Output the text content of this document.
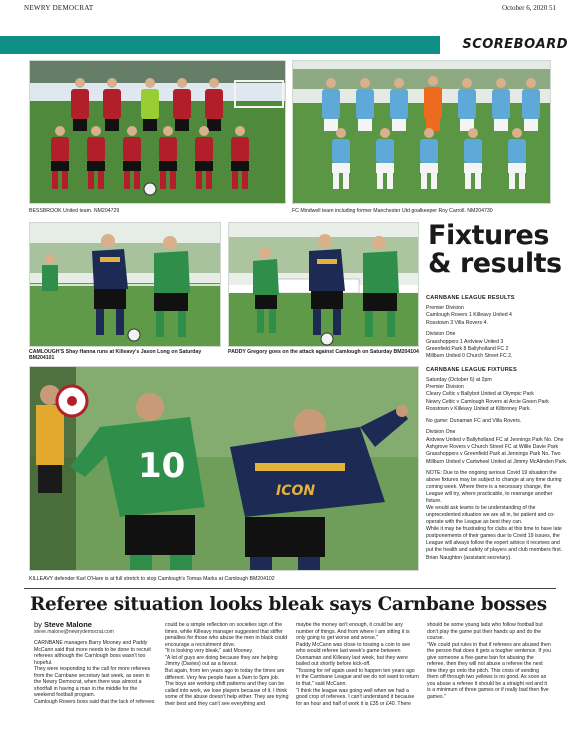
NEWRY DEMOCRAT	October 6, 2020 51
SCOREBOARD
BESSBROOK United team. NM204729	FC Mindwell team including former Manchester Utd goalkeeper Roy Carroll. NM204730
CAMLOUGH'S Shay Hanna runs at Killeavy's Jason Long on Saturday BM204101
PADDY Gregory goes on the attack against Camlough on Saturday BM204104
10
ICON
KILLEAVY defender Karl O'Hare is at full stretch to stop Camlough's Tomas Marks at Camlough BM204102
Fixtures
& results
CARNBANE LEAGUE RESULTS

Premier Division

Camlough Rovers 1 Killeavy United 4

Rosstown 3 Villa Rovers 4.

Division One

Grasshoppers 1 Ardview United 3

Greenfield Park 8 Ballyholland FC 2

Millburn United 0 Church Street FC 2.

CARNBANE LEAGUE FIXTURES

Saturday (October 6) at 2pm

Premier Division

Cleary Celtic v Ballybot United at Olympic Park

Newry Celtic v Camlough Rovers at Arcie Green Park

Rosstown v Killeavy United at Kilbroney Park.

No game: Dunaman FC and Villa Rovers.

Division One

Ardview United v Ballyholland FC at Jennings Park No. One

Ashgrove Rovers v Church Street FC at Willie Davie Park

Grasshoppers v Greenfield Park at Jennings Park No. Two

Millburn United v Cartwheel United at Jimmy McAlinden Park.

NOTE: Due to the ongoing serious Covid 19 situation the above fixtures may be subject to change at any time during coming week. Where there is a necessary change, the League will try, where practicable, to rearrange another fixture.

We would ask teams to be understanding of the unprecedented situation we are all in, be patient and co-operate with the League as best they can.

While it may be frustrating for clubs at this time to have late postponements of their games due to Covid 19 issues, the League will always follow the expert advice it receives and put the health and safety of players and club members first.

Brian Naughton (assistant secretary).

Referee situation looks bleak says Carnbane bosses
by Steve Malone
steve.malone@newrydemocrat.com

CARNBANE managers Barry Mooney and Paddy McCann said that more needs to be done to recruit referees although the Carnlough boss wasn't too hopeful.

They were responding to the call for more referees from the Carnbane secretary last week, as seen in the Newry Democrat, when there was almost a shortfall in having a man in the middle for the weekend football program.

Camlough Rovers boss said that the lack of referees

could be a simple reflection on societies sign of the times, while Killeavy manager suggested that stiffer penalties for those who abuse the men in black could encourage a recruitment drive.

"It is looking very bleak," said Mooney.

"A lot of guys are doing because they are helping Jimmy (Davies) out as a favour.

But again, from ten years ago to today the times are different. Very few people have a 9am to 5pm job. The boys are working shift patterns and they can be called into work, we lose players because of it. I think some of the abuse doesn't help either. They are trying their best and they can't see everything and

maybe the money isn't enough, it could be any number of things. And from where I am sitting it is only going to get worse and worse."

Paddy McCann was close to tossing a coin to see who would referee last week's game between Dunnaman and Killeavy last week, but they were bailed out shortly before kick-off.

"Tossing for ref again used to happen ten years ago in the Carnbane League and we do not want to return to that," said McCann.

"I think the league was going well when we had a good crop of referees. I can't understand it because for an hour and half of work it is £35 or £40. There

should be some young lads who follow football but don't play the game put their hands up and do the course.

"We could put rules in that if referees are abused then the person that does it gets a tougher sentence. If you give someone a five-game ban for abusing the referee, then they will not abuse a referee the next time they go onto the pitch. This crisis of sending them off through two yellows is no good. As soon as you abuse a referee it should be a straight red and it is a minimum of three games or if really bad then five games."
